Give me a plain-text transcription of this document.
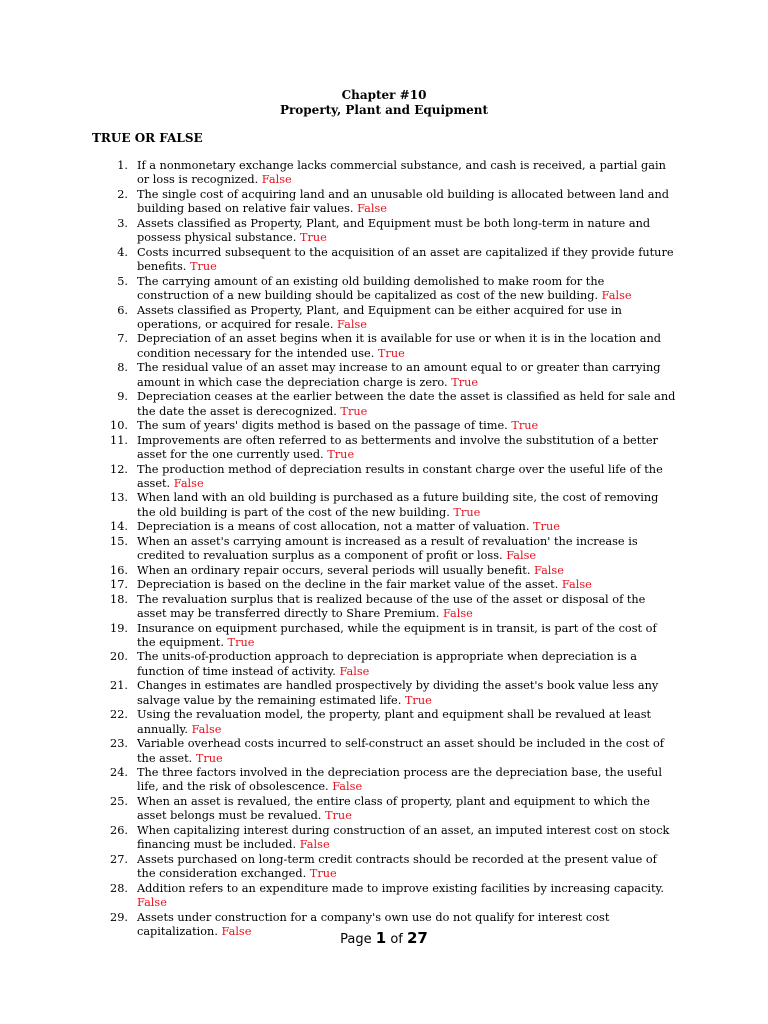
Chapter #10
Property, Plant and Equipment
TRUE OR FALSE
1. If a nonmonetary exchange lacks commercial substance, and cash is received, a partial gain or loss is recognized. False
2. The single cost of acquiring land and an unusable old building is allocated between land and building based on relative fair values. False
3. Assets classified as Property, Plant, and Equipment must be both long-term in nature and possess physical substance. True
4. Costs incurred subsequent to the acquisition of an asset are capitalized if they provide future benefits. True
5. The carrying amount of an existing old building demolished to make room for the construction of a new building should be capitalized as cost of the new building. False
6. Assets classified as Property, Plant, and Equipment can be either acquired for use in operations, or acquired for resale. False
7. Depreciation of an asset begins when it is available for use or when it is in the location and condition necessary for the intended use. True
8. The residual value of an asset may increase to an amount equal to or greater than carrying amount in which case the depreciation charge is zero. True
9. Depreciation ceases at the earlier between the date the asset is classified as held for sale and the date the asset is derecognized. True
10. The sum of years' digits method is based on the passage of time. True
11. Improvements are often referred to as betterments and involve the substitution of a better asset for the one currently used. True
12. The production method of depreciation results in constant charge over the useful life of the asset. False
13. When land with an old building is purchased as a future building site, the cost of removing the old building is part of the cost of the new building. True
14. Depreciation is a means of cost allocation, not a matter of valuation. True
15. When an asset's carrying amount is increased as a result of revaluation' the increase is credited to revaluation surplus as a component of profit or loss. False
16. When an ordinary repair occurs, several periods will usually benefit. False
17. Depreciation is based on the decline in the fair market value of the asset. False
18. The revaluation surplus that is realized because of the use of the asset or disposal of the asset may be transferred directly to Share Premium. False
19. Insurance on equipment purchased, while the equipment is in transit, is part of the cost of the equipment. True
20. The units-of-production approach to depreciation is appropriate when depreciation is a function of time instead of activity. False
21. Changes in estimates are handled prospectively by dividing the asset's book value less any salvage value by the remaining estimated life. True
22. Using the revaluation model, the property, plant and equipment shall be revalued at least annually. False
23. Variable overhead costs incurred to self-construct an asset should be included in the cost of the asset. True
24. The three factors involved in the depreciation process are the depreciation base, the useful life, and the risk of obsolescence. False
25. When an asset is revalued, the entire class of property, plant and equipment to which the asset belongs must be revalued. True
26. When capitalizing interest during construction of an asset, an imputed interest cost on stock financing must be included. False
27. Assets purchased on long-term credit contracts should be recorded at the present value of the consideration exchanged. True
28. Addition refers to an expenditure made to improve existing facilities by increasing capacity. False
29. Assets under construction for a company's own use do not qualify for interest cost capitalization. False
Page 1 of 27
